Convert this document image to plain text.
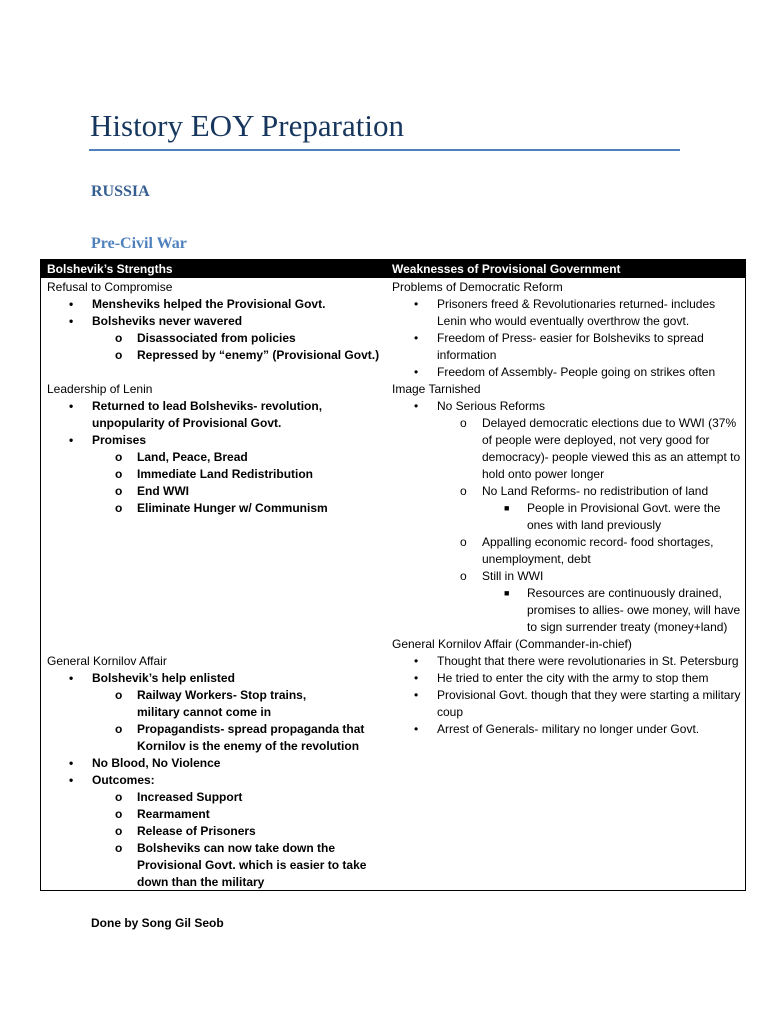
History EOY Preparation
RUSSIA
Pre-Civil War
Bolshevik’s Strengths	Weaknesses of Provisional Government
Refusal to Compromise
• Mensheviks helped the Provisional Govt.
• Bolsheviks never wavered
o Disassociated from policies
o Repressed by “enemy” (Provisional Govt.)
Leadership of Lenin
• Returned to lead Bolsheviks- revolution, unpopularity of Provisional Govt.
• Promises
o Land, Peace, Bread
o Immediate Land Redistribution
o End WWI
o Eliminate Hunger w/ Communism
General Kornilov Affair
• Bolshevik’s help enlisted
o Railway Workers- Stop trains, military cannot come in
o Propagandists- spread propaganda that Kornilov is the enemy of the revolution
• No Blood, No Violence
• Outcomes:
o Increased Support
o Rearmament
o Release of Prisoners
o Bolsheviks can now take down the Provisional Govt. which is easier to take down than the military
Problems of Democratic Reform
• Prisoners freed & Revolutionaries returned- includes Lenin who would eventually overthrow the govt.
• Freedom of Press- easier for Bolsheviks to spread information
• Freedom of Assembly- People going on strikes often
Image Tarnished
• No Serious Reforms
o Delayed democratic elections due to WWI (37% of people were deployed, not very good for democracy)- people viewed this as an attempt to hold onto power longer
o No Land Reforms- no redistribution of land
■ People in Provisional Govt. were the ones with land previously
o Appalling economic record- food shortages, unemployment, debt
o Still in WWI
■ Resources are continuously drained, promises to allies- owe money, will have to sign surrender treaty (money+land)
General Kornilov Affair (Commander-in-chief)
• Thought that there were revolutionaries in St. Petersburg
• He tried to enter the city with the army to stop them
• Provisional Govt. though that they were starting a military coup
• Arrest of Generals- military no longer under Govt.
Done by Song Gil Seob
